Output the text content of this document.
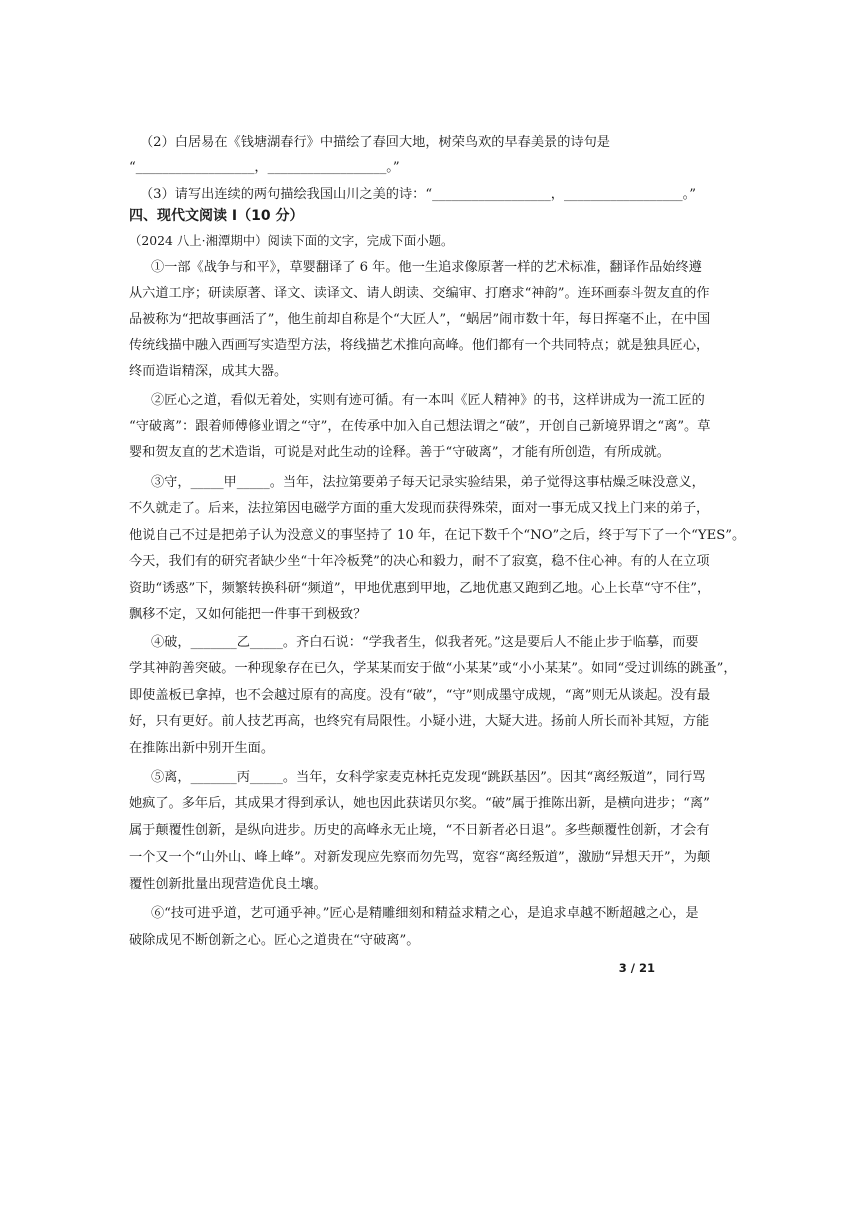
（2）白居易在《钱塘湖春行》中描绘了春回大地，树荣鸟欢的早春美景的诗句是
“__________________，__________________。”
（3）请写出连续的两句描绘我国山川之美的诗：“__________________，__________________。”
四、现代文阅读 I（10 分）
（2024 八上·湘潭期中）阅读下面的文字，完成下面小题。
①一部《战争与和平》，草婴翻译了 6 年。他一生追求像原著一样的艺术标准，翻译作品始终遵
从六道工序；研读原著、译文、读译文、请人朗读、交编审、打磨求“神韵”。连环画泰斗贺友直的作
品被称为“把故事画活了”，他生前却自称是个“大匠人”，“蜗居”闹市数十年，每日挥毫不止，在中国
传统线描中融入西画写实造型方法，将线描艺术推向高峰。他们都有一个共同特点；就是独具匠心，
终而造诣精深，成其大器。
②匠心之道，看似无着处，实则有迹可循。有一本叫《匠人精神》的书，这样讲成为一流工匠的
“守破离”：跟着师傅修业谓之“守”，在传承中加入自己想法谓之“破”，开创自己新境界谓之“离”。草
婴和贺友直的艺术造诣，可说是对此生动的诠释。善于“守破离”，才能有所创造，有所成就。
③守，_____甲_____。当年，法拉第要弟子每天记录实验结果，弟子觉得这事枯燥乏味没意义，
不久就走了。后来，法拉第因电磁学方面的重大发现而获得殊荣，面对一事无成又找上门来的弟子，
他说自己不过是把弟子认为没意义的事坚持了 10 年，在记下数千个“NO”之后，终于写下了一个“YES”。
今天，我们有的研究者缺少坐“十年冷板凳”的决心和毅力，耐不了寂寞，稳不住心神。有的人在立项
资助“诱惑”下，频繁转换科研“频道”，甲地优惠到甲地，乙地优惠又跑到乙地。心上长草“守不住”，
飘移不定，又如何能把一件事干到极致？
④破，_______乙_____。齐白石说：“学我者生，似我者死。”这是要后人不能止步于临摹，而要
学其神韵善突破。一种现象存在已久，学某某而安于做“小某某”或“小小某某”。如同“受过训练的跳蚤”，
即使盖板已拿掉，也不会越过原有的高度。没有“破”，“守”则成墨守成规，“离”则无从谈起。没有最
好，只有更好。前人技艺再高，也终究有局限性。小疑小进，大疑大进。扬前人所长而补其短，方能
在推陈出新中别开生面。
⑤离，_______丙_____。当年，女科学家麦克林托克发现“跳跃基因”。因其“离经叛道”，同行骂
她疯了。多年后，其成果才得到承认，她也因此获诺贝尔奖。“破”属于推陈出新，是横向进步；“离”
属于颠覆性创新，是纵向进步。历史的高峰永无止境，“不日新者必日退”。多些颠覆性创新，才会有
一个又一个“山外山、峰上峰”。对新发现应先察而勿先骂，宽容“离经叛道”，激励“异想天开”，为颠
覆性创新批量出现营造优良土壤。
⑥“技可进乎道，艺可通乎神。”匠心是精雕细刻和精益求精之心，是追求卓越不断超越之心，是
破除成见不断创新之心。匠心之道贵在“守破离”。
3 / 21
